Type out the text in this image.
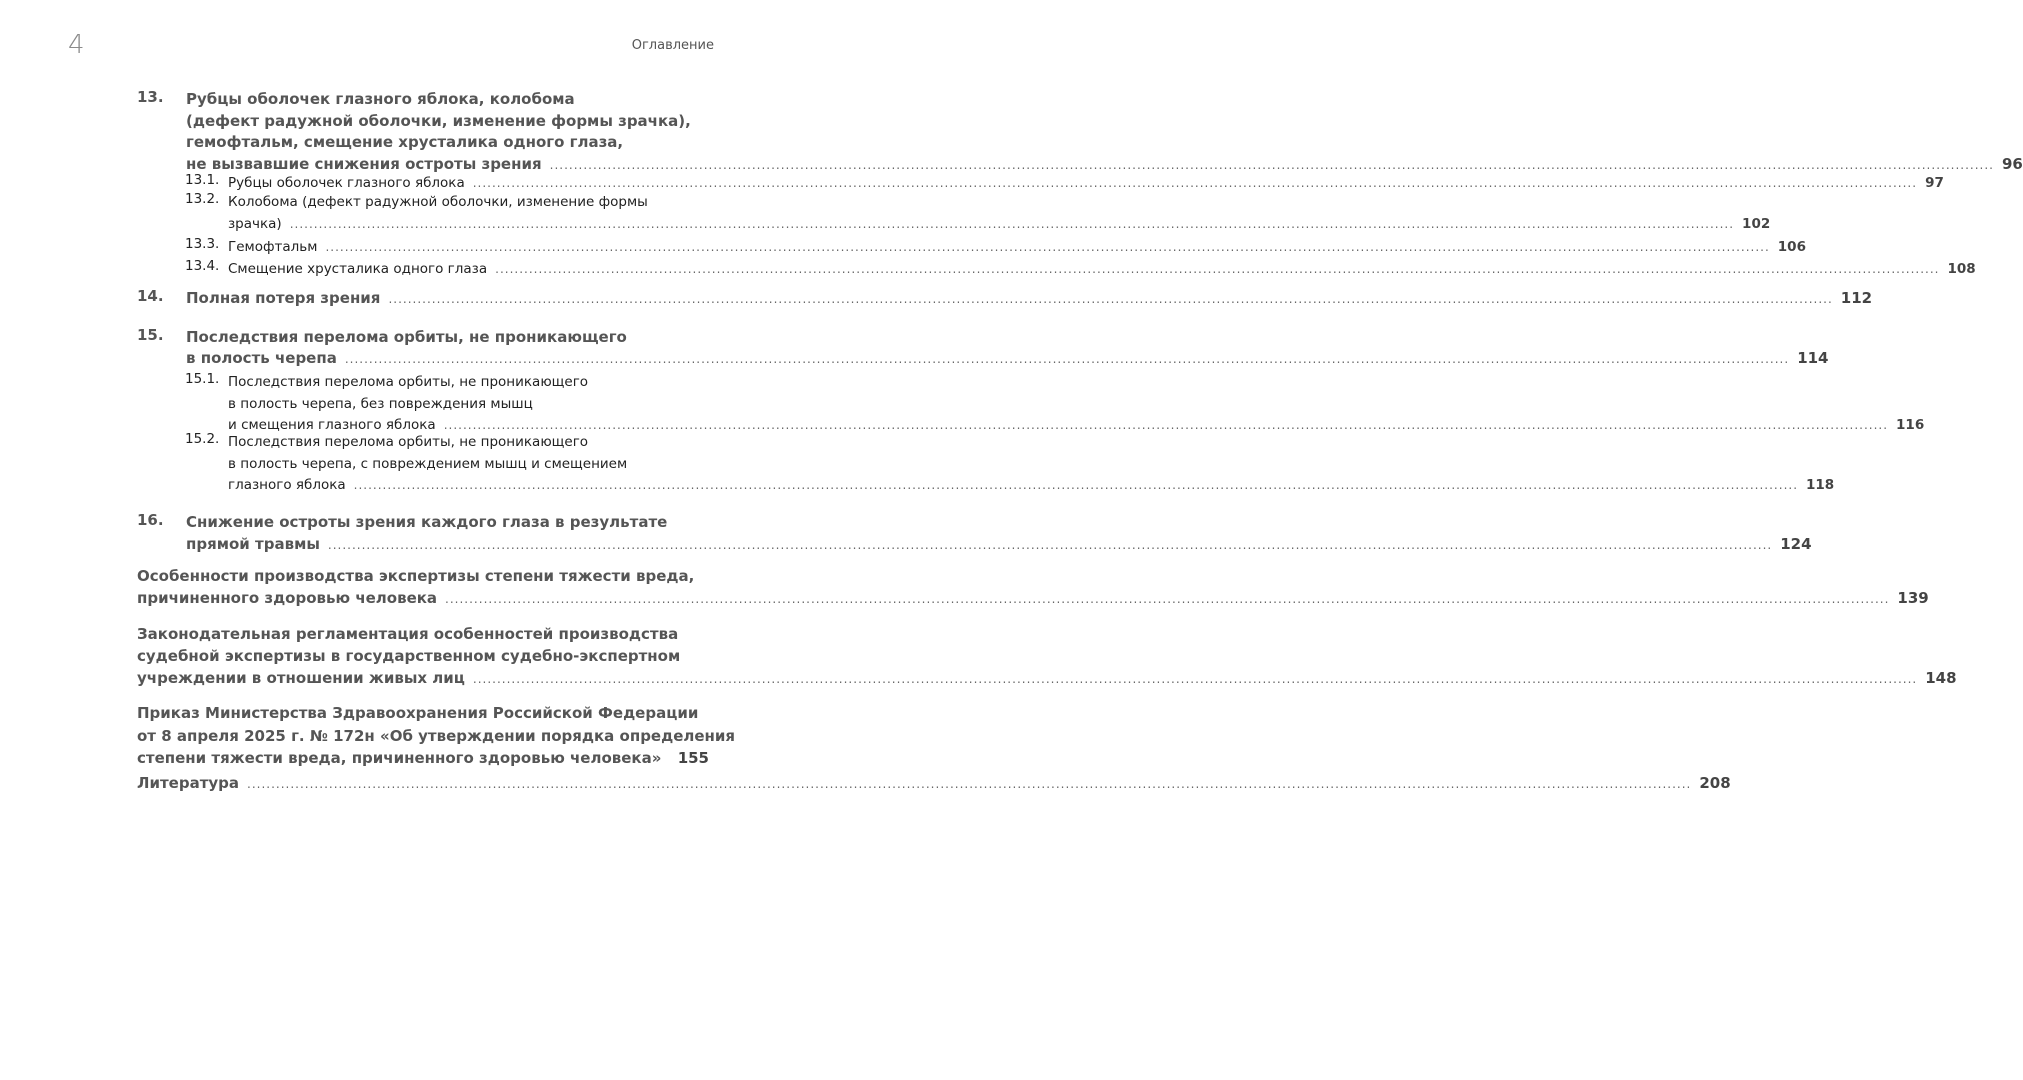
4	Оглавление
13. Рубцы оболочек глазного яблока, колобома
(дефект радужной оболочки, изменение формы зрачка),
гемофтальм, смещение хрусталика одного глаза,
не вызвавшие снижения остроты зрения ............................................................................................................................................................................................................................................................................................................ 96
13.1. Рубцы оболочек глазного яблока ............................................................................................................................................................................................................................................................................................................ 97
13.2. Колобома (дефект радужной оболочки, изменение формы
зрачка) ............................................................................................................................................................................................................................................................................................................ 102
13.3. Гемофтальм ............................................................................................................................................................................................................................................................................................................ 106
13.4. Смещение хрусталика одного глаза ............................................................................................................................................................................................................................................................................................................ 108
14. Полная потеря зрения ............................................................................................................................................................................................................................................................................................................ 112
15. Последствия перелома орбиты, не проникающего
в полость черепа ............................................................................................................................................................................................................................................................................................................ 114
15.1. Последствия перелома орбиты, не проникающего
в полость черепа, без повреждения мышц
и смещения глазного яблока ............................................................................................................................................................................................................................................................................................................ 116
15.2. Последствия перелома орбиты, не проникающего
в полость черепа, с повреждением мышц и смещением
глазного яблока ............................................................................................................................................................................................................................................................................................................ 118
16. Снижение остроты зрения каждого глаза в результате
прямой травмы ............................................................................................................................................................................................................................................................................................................ 124
Особенности производства экспертизы степени тяжести вреда,
причиненного здоровью человека ............................................................................................................................................................................................................................................................................................................ 139
Законодательная регламентация особенностей производства
судебной экспертизы в государственном судебно-экспертном
учреждении в отношении живых лиц ............................................................................................................................................................................................................................................................................................................ 148
Приказ Министерства Здравоохранения Российской Федерации
от 8 апреля 2025 г. № 172н «Об утверждении порядка определения
степени тяжести вреда, причиненного здоровью человека» 155
Литература ............................................................................................................................................................................................................................................................................................................ 208
